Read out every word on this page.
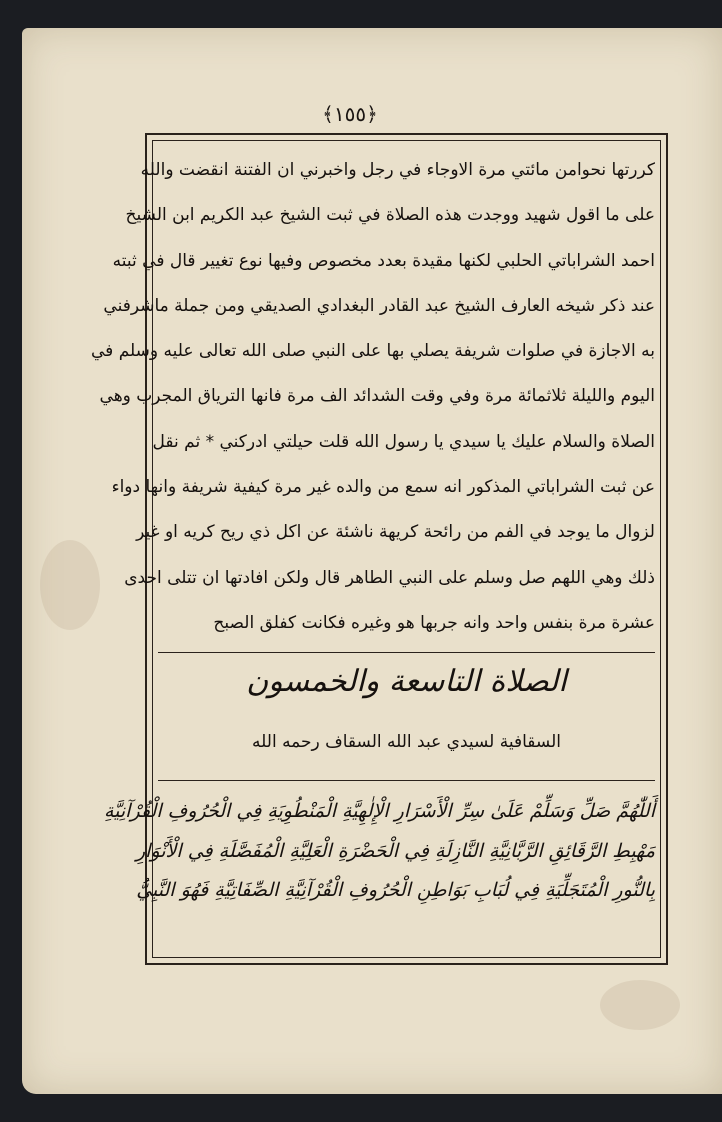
﴿١٥٥﴾
كررتها نحوامن مائتي مرة الاوجاء في رجل واخبرني ان الفتنة انقضت والله
على ما اقول شهيد ووجدت هذه الصلاة في ثبت الشيخ عبد الكريم ابن الشيخ
احمد الشراباتي الحلبي لكنها مقيدة بعدد مخصوص وفيها نوع تغيير قال في ثبته
عند ذكر شيخه العارف الشيخ عبد القادر البغدادي الصديقي ومن جملة ماشرفني
به الاجازة في صلوات شريفة يصلي بها على النبي صلى الله تعالى عليه وسلم في
اليوم والليلة ثلاثمائة مرة وفي وقت الشدائد الف مرة فانها الترياق المجرب وهي
الصلاة والسلام عليك يا سيدي يا رسول الله قلت حيلتي ادركني * ثم نقل
عن ثبت الشراباتي المذكور انه سمع من والده غير مرة كيفية شريفة وانها دواء
لزوال ما يوجد في الفم من رائحة كريهة ناشئة عن اكل ذي ريح كريه او غير
ذلك وهي اللهم صل وسلم على النبي الطاهر قال ولكن افادتها ان تتلى احدى
عشرة مرة بنفس واحد وانه جربها هو وغيره فكانت كفلق الصبح
الصلاة التاسعة والخمسون
السقافية لسيدي عبد الله السقاف رحمه الله
أَللّٰهُمَّ صَلِّ وَسَلِّمْ عَلَىٰ سِرِّ الْأَسْرَارِ الْإِلٰهِيَّةِ الْمَنْطُوِيَةِ فِي الْحُرُوفِ الْقُرْآنِيَّةِ
مَهْبِطِ الرَّقَائِقِ الرَّبَّانِيَّةِ النَّازِلَةِ فِي الْحَضْرَةِ الْعَلِيَّةِ الْمُفَصَّلَةِ فِي الْأَنْوَارِ
بِالنُّورِ الْمُتَجَلِّيَةِ فِي لُبَابِ بَوَاطِنِ الْحُرُوفِ الْقُرْآنِيَّةِ الصِّفَاتِيَّةِ فَهُوَ النَّبِيُّ
